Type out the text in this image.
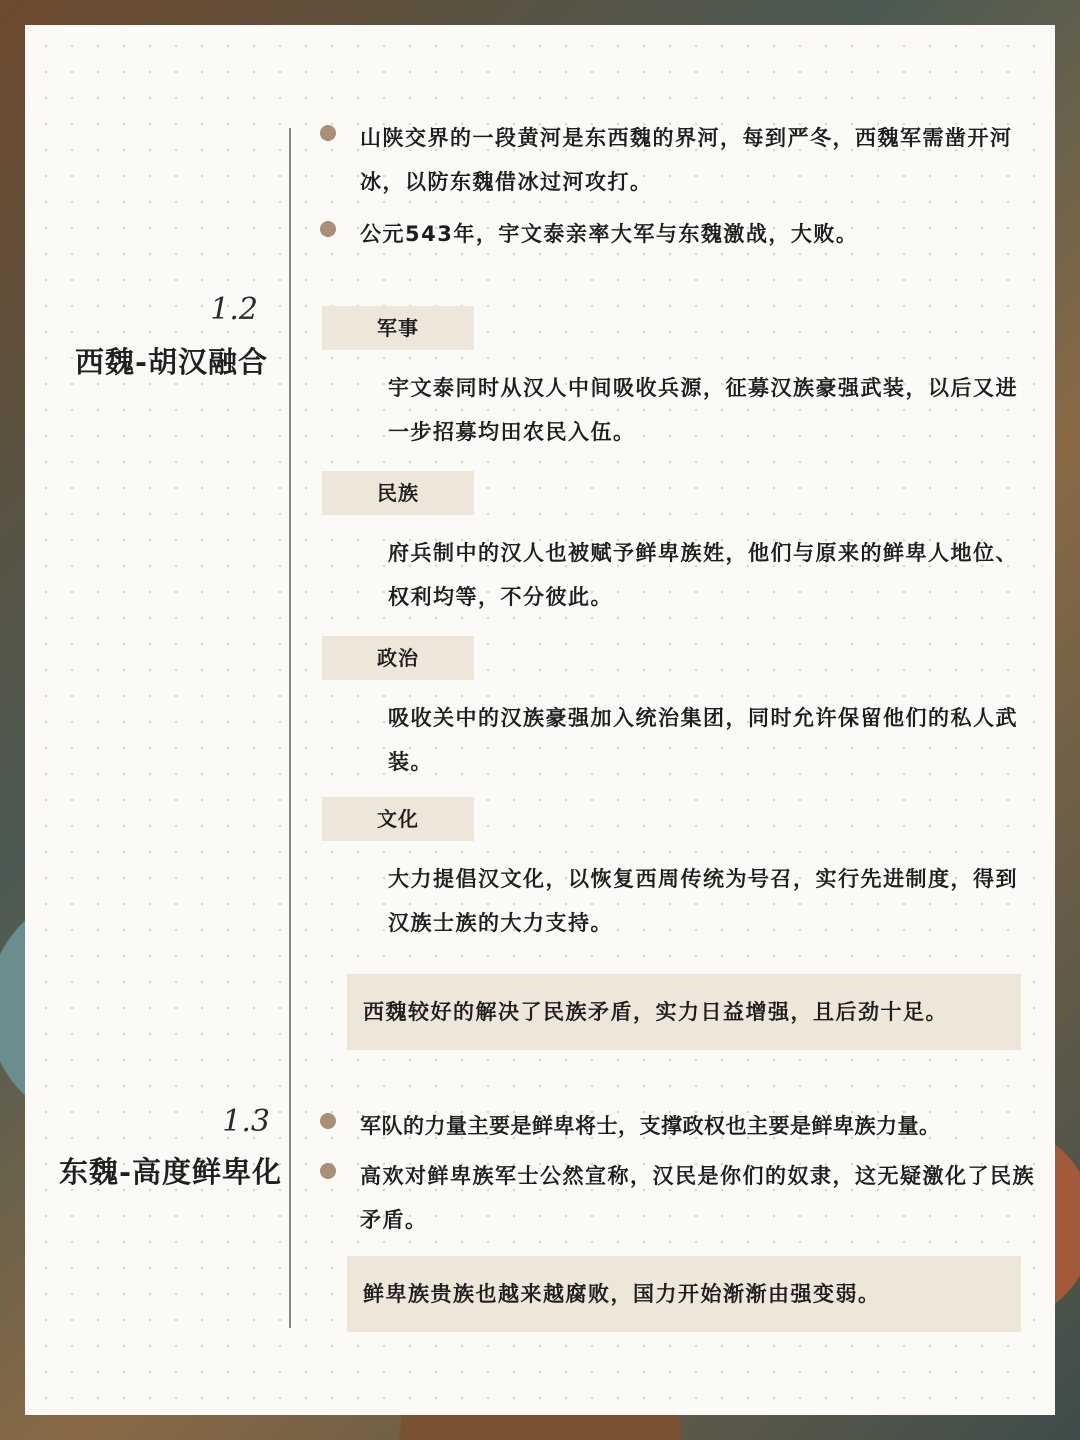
1.2
西魏-胡汉融合
山陕交界的一段黄河是东西魏的界河，每到严冬，西魏军需凿开河冰，以防东魏借冰过河攻打。
公元543年，宇文泰亲率大军与东魏激战，大败。
军事
宇文泰同时从汉人中间吸收兵源，征募汉族豪强武装，以后又进一步招募均田农民入伍。
民族
府兵制中的汉人也被赋予鲜卑族姓，他们与原来的鲜卑人地位、权利均等，不分彼此。
政治
吸收关中的汉族豪强加入统治集团，同时允许保留他们的私人武装。
文化
大力提倡汉文化，以恢复西周传统为号召，实行先进制度，得到汉族士族的大力支持。
西魏较好的解决了民族矛盾，实力日益增强，且后劲十足。
1.3
东魏-高度鲜卑化
军队的力量主要是鲜卑将士，支撑政权也主要是鲜卑族力量。
高欢对鲜卑族军士公然宣称，汉民是你们的奴隶，这无疑激化了民族矛盾。
鲜卑族贵族也越来越腐败，国力开始渐渐由强变弱。
